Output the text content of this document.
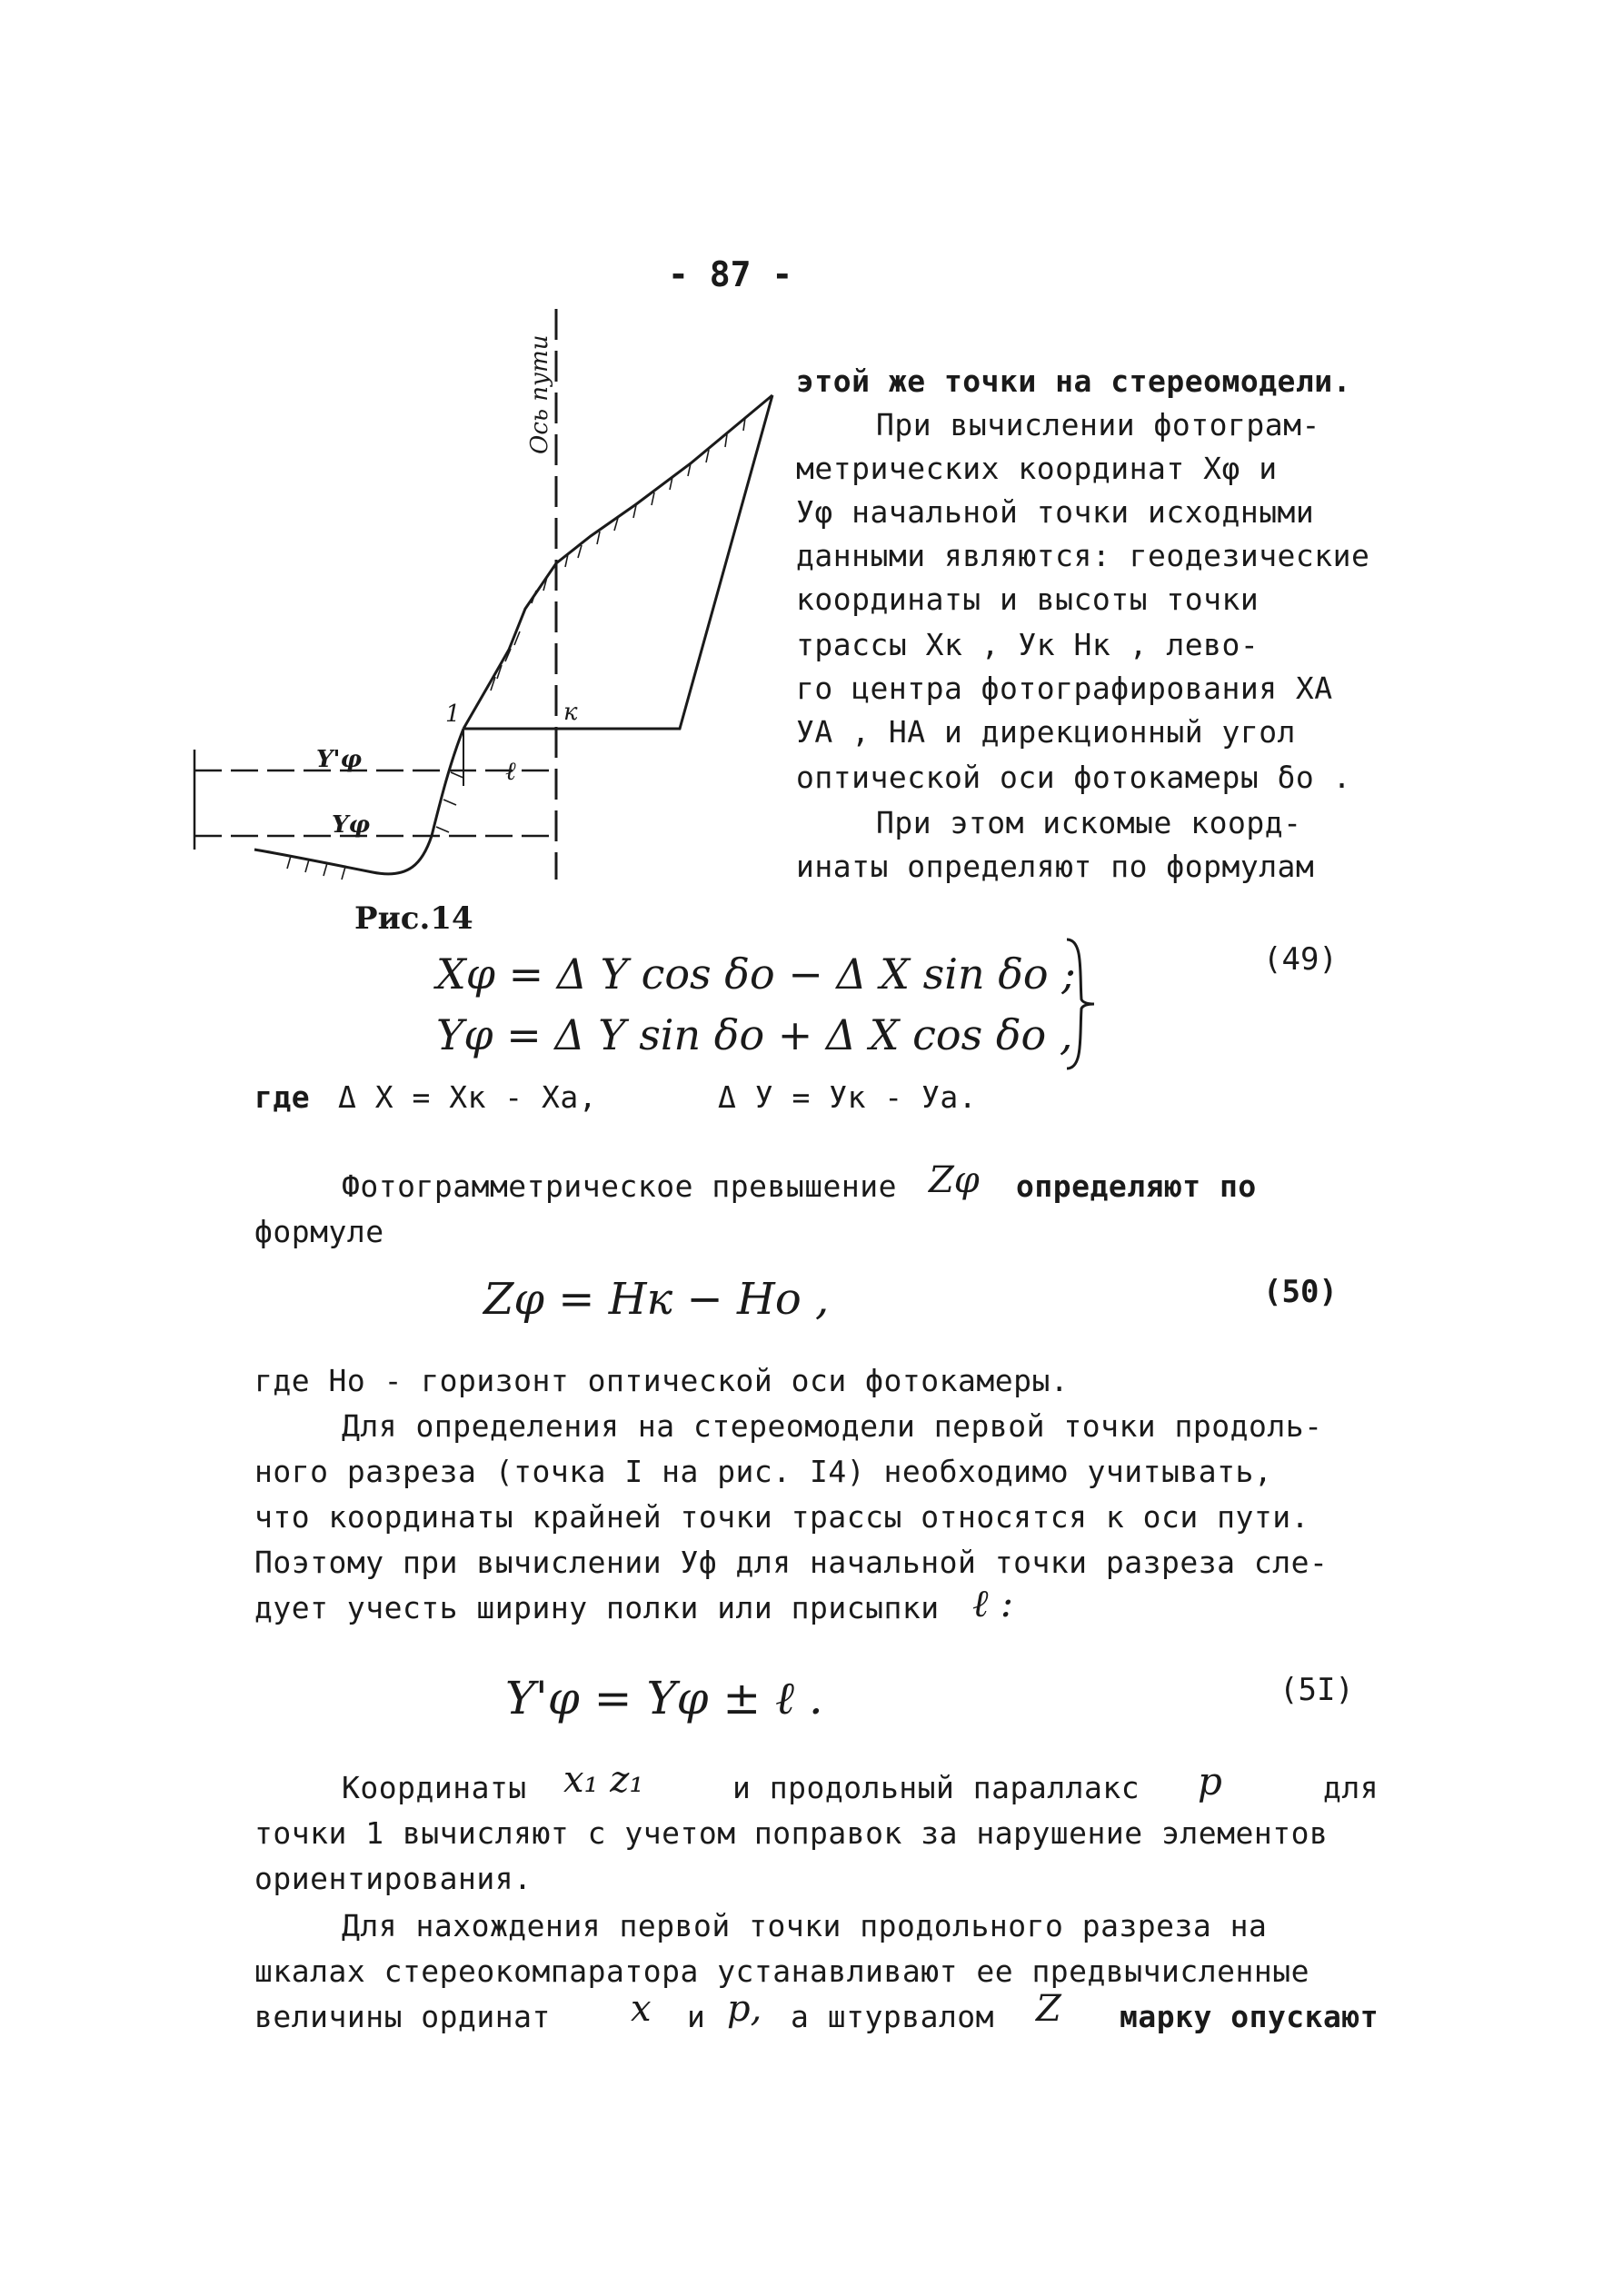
- 87 -
Ось пути
1	к
Y'φ	ℓ
Yφ
Рис.14
этой же точки на стереомодели.
При вычислении фотограм-
метрических координат Xφ и
Уφ начальной точки исходными
данными являются: геодезические
координаты и высоты точки
трассы Хк , Ук Нк , лево-
го центра фотографирования ХА
УА , НА и дирекционный угол
оптической оси фотокамеры δо .
При этом искомые коорд-
инаты определяют по формулам
Xφ = Δ Y cos δo − Δ X sin δo ;
Yφ = Δ Y sin δo + Δ X cos δo ,
(49)
где Δ X = Хк - Ха,	Δ У = Ук - Уа.
Фотограмметрическое превышение Zφ определяют по
формуле
Zφ = Hк − Hо ,	(50)
где Но - горизонт оптической оси фотокамеры.
Для определения на стереомодели первой точки продоль-
ного разреза (точка I на рис. I4) необходимо учитывать,
что координаты крайней точки трассы относятся к оси пути.
Поэтому при вычислении Уф для начальной точки разреза сле-
дует учесть ширину полки или присыпки ℓ :
Y'φ = Yφ ± ℓ .	(5I)
Координаты x₁ z₁	и продольный параллакс p	для
точки 1 вычисляют с учетом поправок за нарушение элементов
ориентирования.
Для нахождения первой точки продольного разреза на
шкалах стереокомпаратора устанавливают ее предвычисленные
величины ординат x и p, а штурвалом Z марку опускают
